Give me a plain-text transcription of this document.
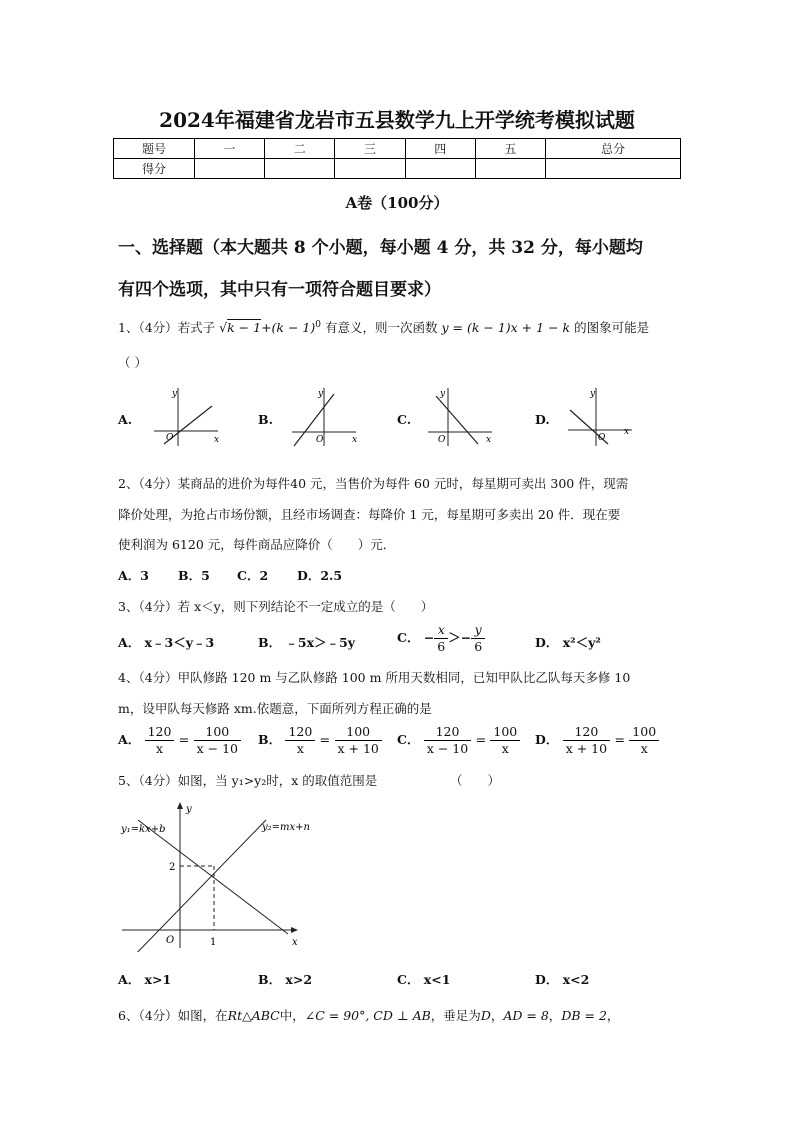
2024年福建省龙岩市五县数学九上开学统考模拟试题
题号	一	二	三	四	五	总分
得分						
A卷（100分）
一、选择题（本大题共 8 个小题，每小题 4 分，共 32 分，每小题均
有四个选项，其中只有一项符合题目要求）
1、（4分）若式子 $√k - 1+(k - 1)^0$ 有意义，则一次函数 y = (k − 1)x + 1 − k 的图象可能是
（ ）
A.
y
x
O
B.
y
x
O
C.
y
x
O
D.
y
x
O
2、（4分）某商品的进价为每件40 元，当售价为每件 60 元时，每星期可卖出 300 件，现需
降价处理，为抢占市场份额，且经市场调查：每降价 1 元，每星期可多卖出 20 件．现在要
使利润为 6120 元，每件商品应降价（　　）元．
A．3 B．5 C．2 D．2.5
3、（4分）若 x＜y，则下列结论不一定成立的是（　　）
A． x﹣3＜y﹣3	B． ﹣5x＞﹣5y	C． − $\frac{x}{6} >- \frac{y}{6}$	D． x²＜y²
4、（4分）甲队修路 120 m 与乙队修路 100 m 所用天数相同，已知甲队比乙队每天多修 10
m，设甲队每天修路 xm.依题意，下面所列方程正确的是
A． $\frac{120}{x} = \frac{100}{x - 10}$ B． $\frac{120}{x} = \frac{100}{x + 10}$ C． $\frac{120}{x - 10} = \frac{100}{x}$ D． $\frac{120}{x + 10} = \frac{100}{x}$
5、（4分）如图，当 y₁>y₂时，x 的取值范围是	（　　）
y₁=kx+b	y₂=mx+n
y
x
O
2
1
A． x>1	B． x>2	C． x<1	D． x<2
6、（4分）如图，在Rt△ABC中，∠C = 90°, CD ⊥ AB，垂足为D，AD = 8，DB = 2，
